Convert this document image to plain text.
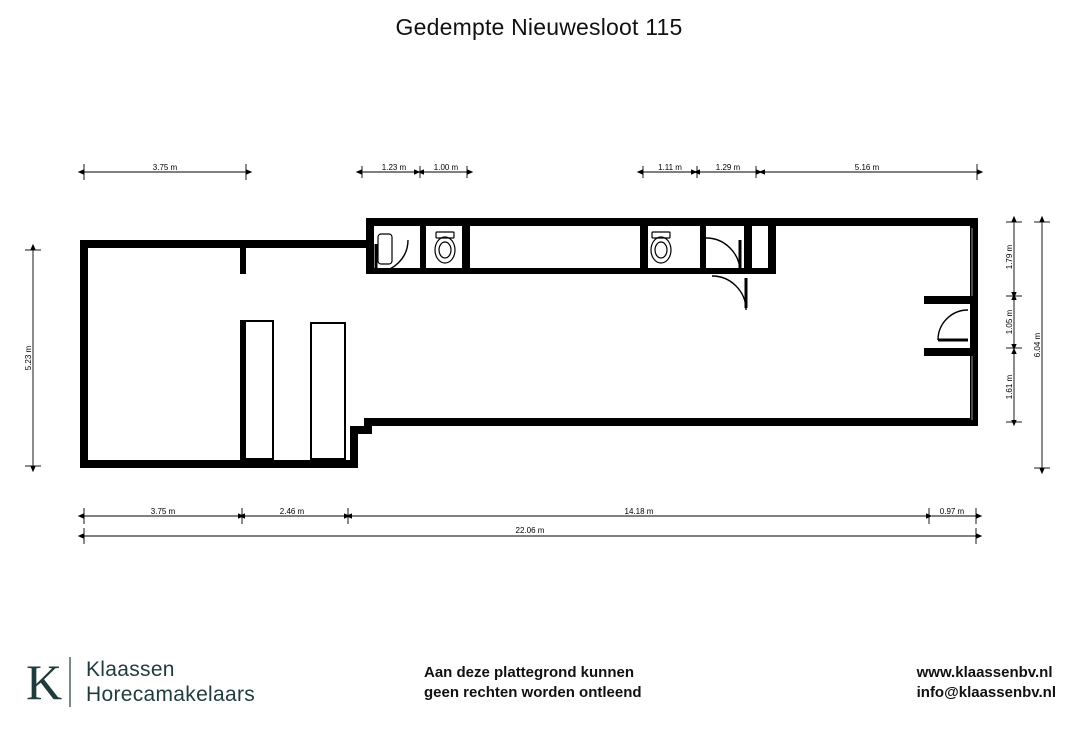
Gedempte Nieuwesloot 115
3.75 m	1.23 m	1.00 m	1.11 m	1.29 m	5.16 m
3.75 m	2.46 m	14.18 m	0.97 m
22.06 m
5.23 m
1.79 m
1.05 m
1.61 m
6.04 m
K Klaassen
Horecamakelaars
Aan deze plattegrond kunnen
geen rechten worden ontleend
www.klaassenbv.nl
info@klaassenbv.nl
